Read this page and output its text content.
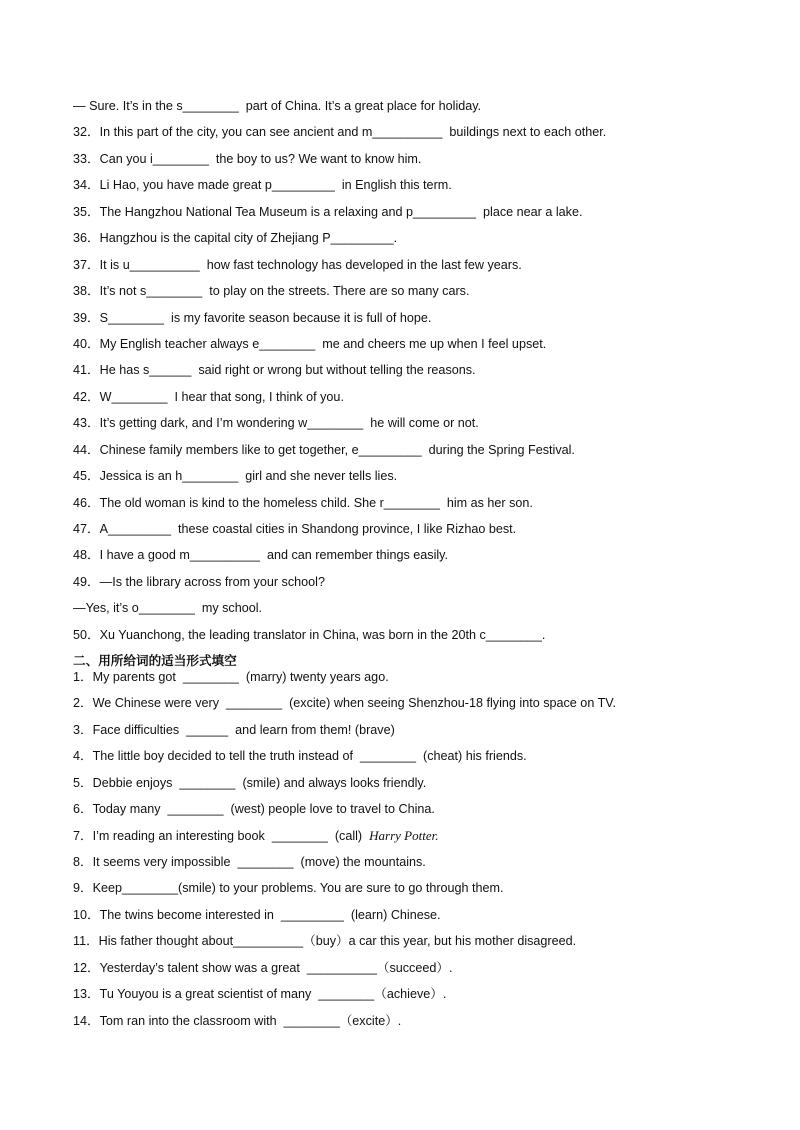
— Sure. It’s in the s________  part of China. It’s a great place for holiday.
32．In this part of the city, you can see ancient and m__________  buildings next to each other.
33．Can you i________  the boy to us? We want to know him.
34．Li Hao, you have made great p_________  in English this term.
35．The Hangzhou National Tea Museum is a relaxing and p_________  place near a lake.
36．Hangzhou is the capital city of Zhejiang P_________.
37．It is u__________  how fast technology has developed in the last few years.
38．It’s not s________  to play on the streets. There are so many cars.
39．S________  is my favorite season because it is full of hope.
40．My English teacher always e________  me and cheers me up when I feel upset.
41．He has s______  said right or wrong but without telling the reasons.
42．W________  I hear that song, I think of you.
43．It’s getting dark, and I’m wondering w________  he will come or not.
44．Chinese family members like to get together, e_________  during the Spring Festival.
45．Jessica is an h________  girl and she never tells lies.
46．The old woman is kind to the homeless child. She r________  him as her son.
47．A_________  these coastal cities in Shandong province, I like Rizhao best.
48．I have a good m__________  and can remember things easily.
49．—Is the library across from your school?
—Yes, it’s o________  my school.
50．Xu Yuanchong, the leading translator in China, was born in the 20th c________.
二、用所给词的适当形式填空
1．My parents got  ________  (marry) twenty years ago.
2．We Chinese were very  ________  (excite) when seeing Shenzhou-18 flying into space on TV.
3．Face difficulties  ______  and learn from them! (brave)
4．The little boy decided to tell the truth instead of  ________  (cheat) his friends.
5．Debbie enjoys  ________  (smile) and always looks friendly.
6．Today many  ________  (west) people love to travel to China.
7．I’m reading an interesting book  ________  (call) Harry Potter.
8．It seems very impossible  ________  (move) the mountains.
9．Keep________(smile) to your problems. You are sure to go through them.
10．The twins become interested in  _________  (learn) Chinese.
11．His father thought about__________（buy）a car this year, but his mother disagreed.
12．Yesterday’s talent show was a great  __________（succeed）.
13．Tu Youyou is a great scientist of many  ________（achieve）.
14．Tom ran into the classroom with  ________（excite）.
